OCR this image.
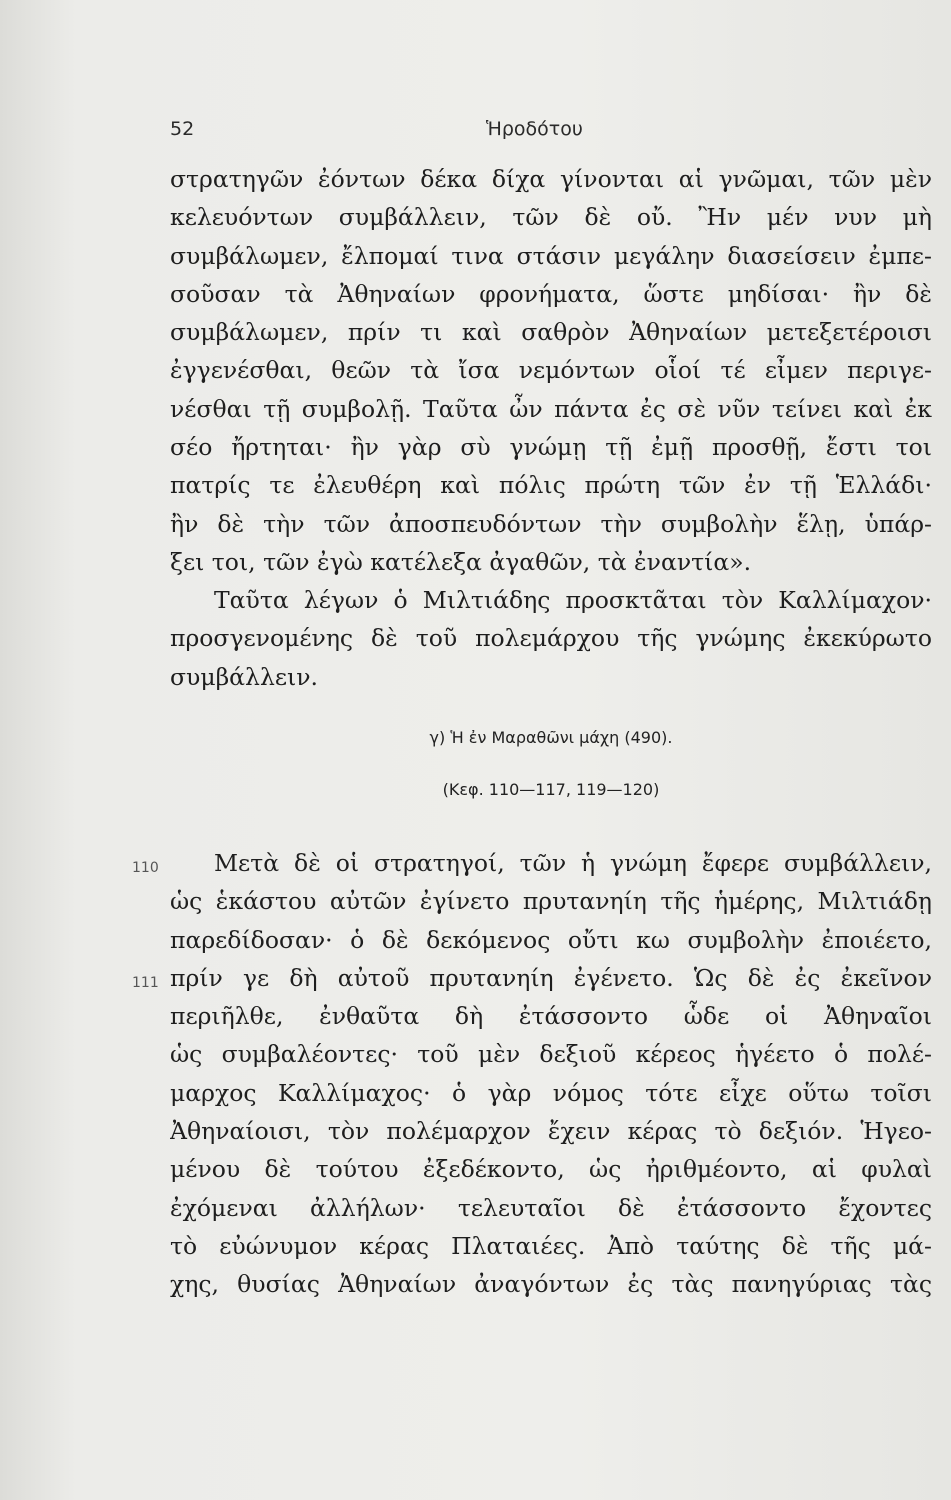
52	Ἡροδότου
στρατηγῶν ἐόντων δέκα δίχα γίνονται αἱ γνῶμαι, τῶν μὲν
κελευόντων συμβάλλειν, τῶν δὲ οὔ. Ἢν μέν νυν μὴ
συμβάλωμεν, ἔλπομαί τινα στάσιν μεγάλην διασείσειν ἐμπε-
σοῦσαν τὰ Ἀθηναίων φρονήματα, ὥστε μηδίσαι· ἢν δὲ
συμβάλωμεν, πρίν τι καὶ σαθρὸν Ἀθηναίων μετεξετέροισι
ἐγγενέσθαι, θεῶν τὰ ἴσα νεμόντων οἷοί τέ εἶμεν περιγε-
νέσθαι τῇ συμβολῇ. Ταῦτα ὦν πάντα ἐς σὲ νῦν τείνει καὶ ἐκ
σέο ἤρτηται· ἢν γὰρ σὺ γνώμῃ τῇ ἐμῇ προσθῇ, ἔστι τοι
πατρίς τε ἐλευθέρη καὶ πόλις πρώτη τῶν ἐν τῇ Ἑλλάδι·
ἢν δὲ τὴν τῶν ἀποσπευδόντων τὴν συμβολὴν ἕλῃ, ὑπάρ-
ξει τοι, τῶν ἐγὼ κατέλεξα ἀγαθῶν, τὰ ἐναντία».
Ταῦτα λέγων ὁ Μιλτιάδης προσκτᾶται τὸν Καλλίμαχον·
προσγενομένης δὲ τοῦ πολεμάρχου τῆς γνώμης ἐκεκύρωτο
συμβάλλειν.
γ) Ἡ ἐν Μαραθῶνι μάχη (490).
(Κεφ. 110—117, 119—120)
110
111
Μετὰ δὲ οἱ στρατηγοί, τῶν ἡ γνώμη ἔφερε συμβάλλειν,
ὡς ἑκάστου αὐτῶν ἐγίνετο πρυτανηίη τῆς ἡμέρης, Μιλτιάδῃ
παρεδίδοσαν· ὁ δὲ δεκόμενος οὔτι κω συμβολὴν ἐποιέετο,
πρίν γε δὴ αὐτοῦ πρυτανηίη ἐγένετο. Ὡς δὲ ἐς ἐκεῖνον
περιῆλθε, ἐνθαῦτα δὴ ἐτάσσοντο ὧδε οἱ Ἀθηναῖοι
ὡς συμβαλέοντες· τοῦ μὲν δεξιοῦ κέρεος ἡγέετο ὁ πολέ-
μαρχος Καλλίμαχος· ὁ γὰρ νόμος τότε εἶχε οὕτω τοῖσι
Ἀθηναίοισι, τὸν πολέμαρχον ἔχειν κέρας τὸ δεξιόν. Ἡγεο-
μένου δὲ τούτου ἐξεδέκοντο, ὡς ἠριθμέοντο, αἱ φυλαὶ
ἐχόμεναι ἀλλήλων· τελευταῖοι δὲ ἐτάσσοντο ἔχοντες
τὸ εὐώνυμον κέρας Πλαταιέες. Ἀπὸ ταύτης δὲ τῆς μά-
χης, θυσίας Ἀθηναίων ἀναγόντων ἐς τὰς πανηγύριας τὰς
